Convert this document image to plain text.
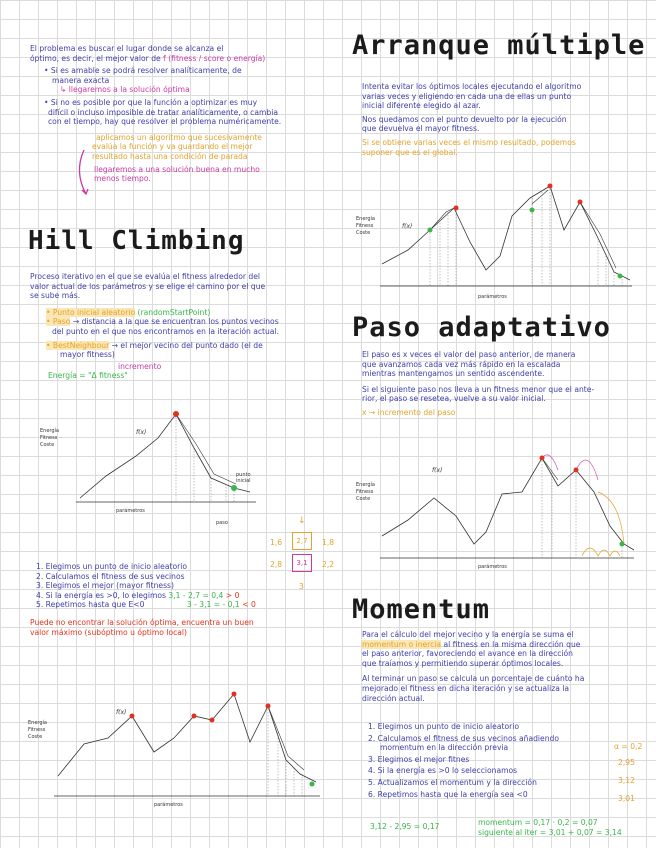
El problema es buscar el lugar donde se alcanza el
óptimo, es decir, el mejor valor de f (fitness / score o energía)
• Si es amable se podrá resolver analíticamente, de
manera exacta
↳ llegaremos a la solución óptima
• Si no es posible por que la función a optimizar es muy
difícil o incluso imposible de tratar analíticamente, o cambia
con el tiempo, hay que resolver el problema numéricamente.
aplicamos un algoritmo que sucesivamente
evalúa la función y va guardando el mejor
resultado hasta una condición de parada
llegaremos a una solución buena en mucho
menos tiempo.
Hill Climbing
Proceso iterativo en el que se evalúa el fitness alrededor del
valor actual de los parámetros y se elige el camino por el que
se sube más.
• Punto inicial aleatorio (randomStartPoint)
• Paso → distancia a la que se encuentran los puntos vecinos
del punto en el que nos encontramos en la iteración actual.
• BestNeighbour → el mejor vecino del punto dado (el de
mayor fitness)
incremento
Energía = "Δ fitness"
Energía
Fitness
Coste
f(x)
punto
inicial
parámetros
paso	↓
1,6	2,7	1,8
2,8	3,1	2,2
3
1. Elegimos un punto de inicio aleatorio
2. Calculamos el fitness de sus vecinos
3. Elegimos el mejor (mayor fitness)
4. Si la energía es >0, lo elegimos 3,1 - 2,7 = 0,4 > 0
5. Repetimos hasta que E<0	3 - 3,1 = - 0,1 < 0
Puede no encontrar la solución óptima, encuentra un buen
valor máximo (subóptimo u óptimo local)
Energía
Fitness
Coste
f(x)
parámetros
Arranque múltiple
Intenta evitar los óptimos locales ejecutando el algoritmo
varias veces y eligiendo en cada una de ellas un punto
inicial diferente elegido al azar.
Nos quedamos con el punto devuelto por la ejecución
que devuelva el mayor fitness.
Si se obtiene varias veces el mismo resultado, podemos
suponer que es el global.
Energía
Fitness
Coste
f(x)
parámetros
Paso adaptativo
El paso es x veces el valor del paso anterior, de manera
que avanzamos cada vez más rápido en la escalada
mientras mantengamos un sentido ascendente.
Si el siguiente paso nos lleva a un fitness menor que el ante-
rior, el paso se resetea, vuelve a su valor inicial.
x → incremento del paso
Energía
Fitness
Coste
f(x)
parámetros
Momentum
Para el cálculo del mejor vecino y la energía se suma el
momentum o inercia al fitness en la misma dirección que
el paso anterior, favoreciendo el avance en la dirección
que traíamos y permitiendo superar óptimos locales.
Al terminar un paso se calcula un porcentaje de cuánto ha
mejorado el fitness en dicha iteración y se actualiza la
dirección actual.
1. Elegimos un punto de inicio aleatorio
2. Calculamos el fitness de sus vecinos añadiendo
momentum en la dirección previa
3. Elegimos el mejor fitnes
4. Si la energía es >0 lo seleccionamos
5. Actualizamos el momentum y la dirección
6. Repetimos hasta que la energía sea <0
α = 0,2
2,95
3,12
3,01
3,12 - 2,95 = 0,17	momentum = 0,17 · 0,2 = 0,07
siguiente al iter = 3,01 + 0,07 = 3,14
